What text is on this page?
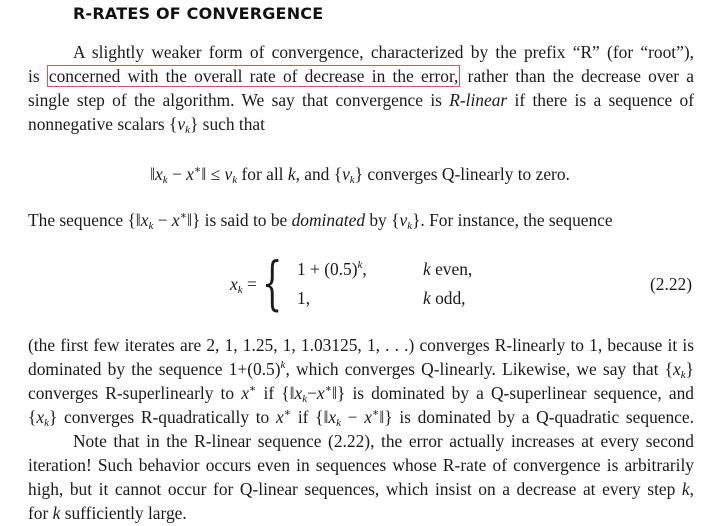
R-RATES OF CONVERGENCE
A slightly weaker form of convergence, characterized by the prefix “R” (for “root”),
is concerned with the overall rate of decrease in the error, rather than the decrease over a
single step of the algorithm. We say that convergence is R-linear if there is a sequence of
nonnegative scalars $\{\nu_k\}$ such that
$‖x_k$ − x∗‖ ≤ $\nu_k$ for all k, and $\{\nu_k\}$ converges Q-linearly to zero.
The sequence {$‖x_k$ − x∗‖} is said to be dominated by $\{\nu_k\}$. For instance, the sequence
$x_k$ = { $1 + (0.5)^k$,	k even,
1,	k odd,
(2.22)
(the first few iterates are 2, 1, 1.25, 1, 1.03125, 1, . . .) converges R-linearly to 1, because it is
dominated by the sequence $1+(0.5)^k$, which converges Q-linearly. Likewise, we say that $\{x_k\}$
converges R-superlinearly to x∗ if $\{‖x_k-x^∗‖\}$ is dominated by a Q-superlinear sequence, and
$\{x_k\}$ converges R-quadratically to x∗ if {$‖x_k$ − x∗‖} is dominated by a Q-quadratic sequence.
Note that in the R-linear sequence (2.22), the error actually increases at every second
iteration! Such behavior occurs even in sequences whose R-rate of convergence is arbitrarily
high, but it cannot occur for Q-linear sequences, which insist on a decrease at every step k,
for k sufficiently large.
